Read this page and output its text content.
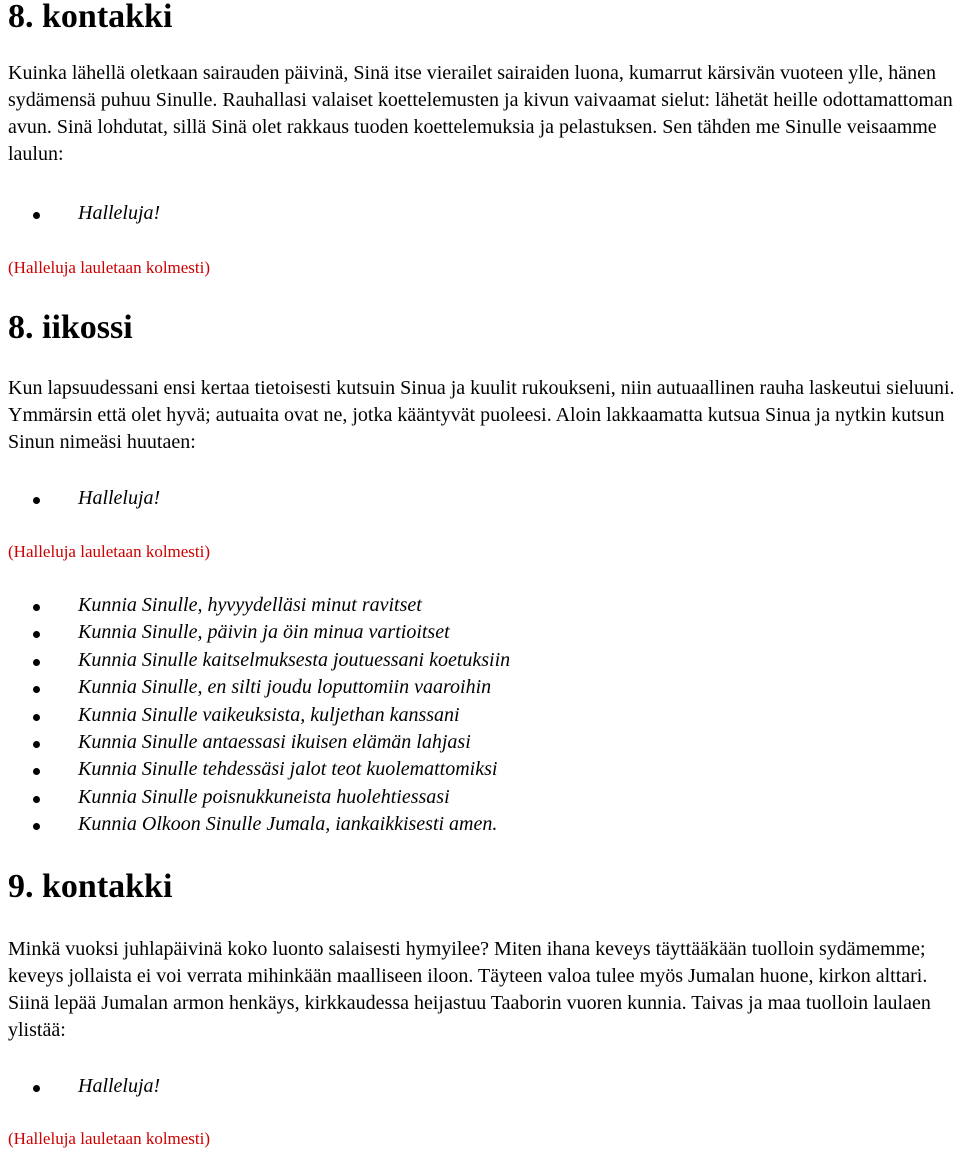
8. kontakki

Kuinka lähellä oletkaan sairauden päivinä, Sinä itse vierailet sairaiden luona, kumarrut kärsivän vuoteen ylle, hänen sydämensä puhuu Sinulle. Rauhallasi valaiset koettelemusten ja kivun vaivaamat sielut: lähetät heille odottamattoman avun. Sinä lohdutat, sillä Sinä olet rakkaus tuoden koettelemuksia ja pelastuksen. Sen tähden me Sinulle veisaamme laulun:

Halleluja!

(Halleluja lauletaan kolmesti)

8. iikossi

Kun lapsuudessani ensi kertaa tietoisesti kutsuin Sinua ja kuulit rukoukseni, niin autuaallinen rauha laskeutui sieluuni. Ymmärsin että olet hyvä; autuaita ovat ne, jotka kääntyvät puoleesi. Aloin lakkaamatta kutsua Sinua ja nytkin kutsun Sinun nimeäsi huutaen:

Halleluja!

(Halleluja lauletaan kolmesti)

Kunnia Sinulle, hyvyydelläsi minut ravitset
Kunnia Sinulle, päivin ja öin minua vartioitset
Kunnia Sinulle kaitselmuksesta joutuessani koetuksiin
Kunnia Sinulle, en silti joudu loputtomiin vaaroihin
Kunnia Sinulle vaikeuksista, kuljethan kanssani
Kunnia Sinulle antaessasi ikuisen elämän lahjasi
Kunnia Sinulle tehdessäsi jalot teot kuolemattomiksi
Kunnia Sinulle poisnukkuneista huolehtiessasi
Kunnia Olkoon Sinulle Jumala, iankaikkisesti amen.
9. kontakki

Minkä vuoksi juhlapäivinä koko luonto salaisesti hymyilee? Miten ihana keveys täyttääkään tuolloin sydämemme; keveys jollaista ei voi verrata mihinkään maalliseen iloon. Täyteen valoa tulee myös Jumalan huone, kirkon alttari. Siinä lepää Jumalan armon henkäys, kirkkaudessa heijastuu Taaborin vuoren kunnia. Taivas ja maa tuolloin laulaen ylistää:

Halleluja!

(Halleluja lauletaan kolmesti)
